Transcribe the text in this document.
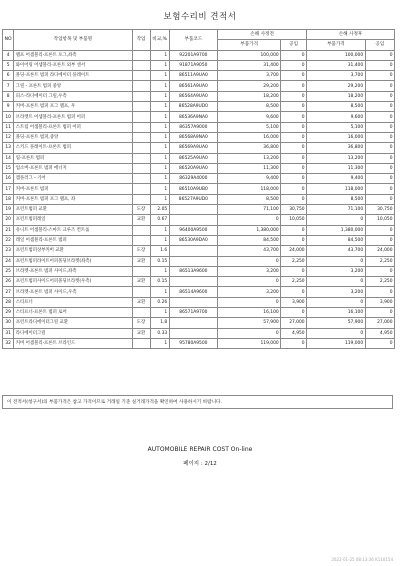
보험수리비 견적서
NO	작업항목 및 부품명	작업	비교,%	부품코드	손해 사정전		손해 사정후	
					부품가격	공임	부품가격	공임
4	램프 어셈블리-프론트 포그,좌측		1	92201A9700	100,000	0	100,000	0
5	와이어링 어셈블리-프론트 외부 센서		1	91871A9050	31,400	0	31,400	0
6	몰딩-프론트 범퍼 라디에이터 플레이트		1	86511A9UA0	3,700	0	3,700	0
7	그릴 - 프론트 범퍼 중앙		1	86561A9UA0	29,200	0	29,200	0
8	피스-라디에이터 그릴,우측		1	86564A9UA0	18,200	0	18,200	0
9	커버-프론트 범퍼 포그 램프, 우		1	86528A9UD0	8,500	0	8,500	0
10	브라켓트 어셈블리-프론트 범퍼 어퍼		1	86536A9NA0	9,600	0	9,600	0
11	스트립 어셈블리-프론트 범퍼 어퍼		1	86357A9000	5,100	0	5,100	0
12	몰딩-프론트 범퍼,중앙		1	86568A9NA0	16,000	0	16,000	0
13	스키드 플레이트-프론트 범퍼		1	86569A9UA0	36,800	0	36,800	0
14	립-프론트 범퍼		1	86525A9UA0	13,200	0	13,200	0
15	업소버-프론트 범퍼 에너지		1	86520A9UA0	11,300	0	11,300	0
16	캡플러그 - 기어		1	86329A4000	9,400	0	9,400	0
17	커버-프론트 범퍼		1	86510A9UB0	118,000	0	118,000	0
18	커버-프론트 범퍼 포그 램프, 좌		1	86527A9UD0	8,500	0	8,500	0
19	프런트범퍼 교환	도장	2.05		71,100	30,750	71,100	30,750
20	프런트범퍼레일	교환	0.67		0	10,050	0	10,050
21	유니트 어셈블리-스마트 크루즈 컨트롤		1	96400A9500	1,380,000	0	1,380,000	0
22	레일 어셈블리-프론트 범퍼		1	86530A9DA0	84,500	0	84,500	0
23	프런트범퍼상부커버 교환	도장	1.6		43,700	24,000	43,700	24,000
24	프런트범퍼라이트어퍼몰딩브라켓(좌측)	교환	0.15		0	2,250	0	2,250
25	브라켓-프론트 범퍼 사이드,좌측		1	86513A9600	3,200	0	3,200	0
26	프런트범퍼사이드어퍼몰딩브라켓(우측)	교환	0.15		0	2,250	0	2,250
27	브라켓-프론트 범퍼 사이드,우측		1	86514A9600	3,200	0	3,200	0
28	스티프너	교환	0.26		0	3,900	0	3,900
29	스티프너-프론트 범퍼 로어		1	86571A9700	16,100	0	16,100	0
30	프런트라디에이터그릴 교환	도장	1.8		57,900	27,000	57,900	27,000
31	라디에이터그릴	교환	0.33		0	4,950	0	4,950
32	커버 어셈블리-프론트 브라인드		1	95780A9500	119,000	0	119,000	0
이 견적서(청구서)의 부품가격은 참고 가격이므로 거래일 기준 실거래가격을 확인하여 사용하시기 바랍니다.
AUTOMOBILE REPAIR COST On-line
페이지 : 2/12
2022-01-25 08:13:36 K110154
